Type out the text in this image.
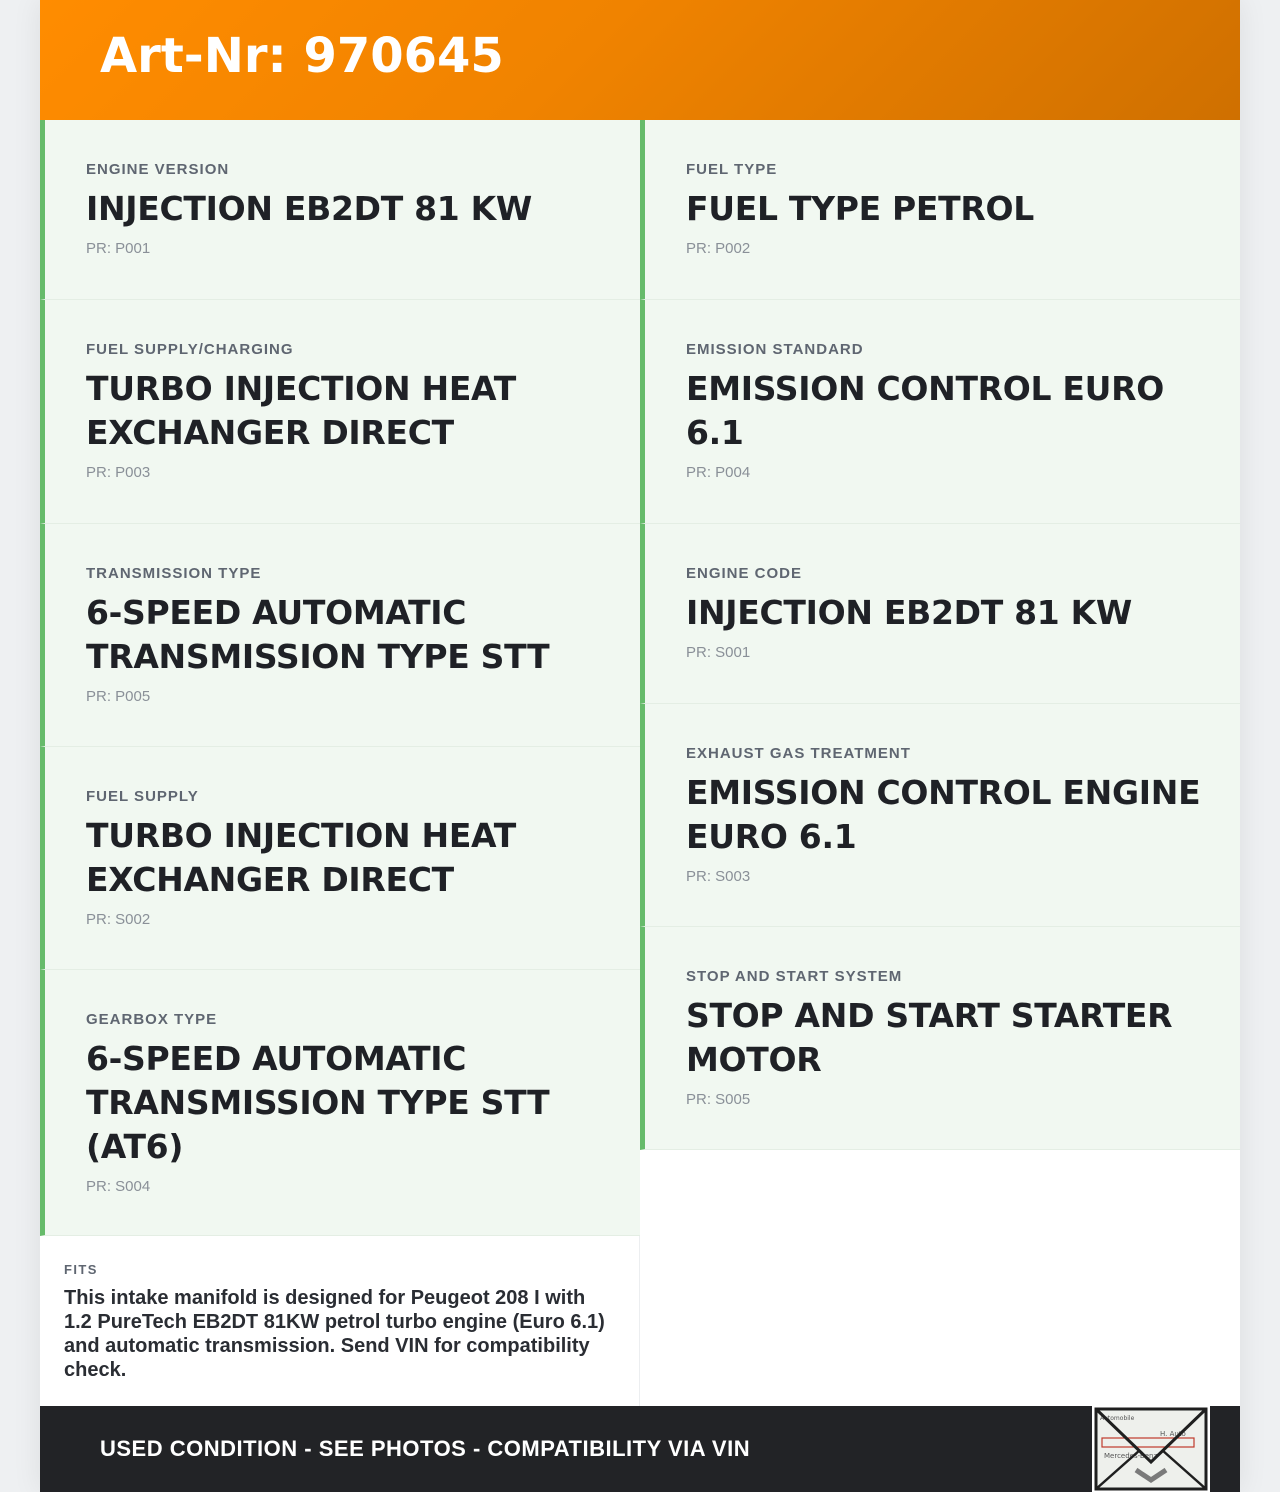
Art-Nr: 970645
ENGINE VERSION
INJECTION EB2DT 81 KW
PR: P001
FUEL SUPPLY/CHARGING
TURBO INJECTION HEAT EXCHANGER DIRECT
PR: P003
TRANSMISSION TYPE
6-SPEED AUTOMATIC TRANSMISSION TYPE STT
PR: P005
FUEL SUPPLY
TURBO INJECTION HEAT EXCHANGER DIRECT
PR: S002
GEARBOX TYPE
6-SPEED AUTOMATIC TRANSMISSION TYPE STT (AT6)
PR: S004
FUEL TYPE
FUEL TYPE PETROL
PR: P002
EMISSION STANDARD
EMISSION CONTROL EURO 6.1
PR: P004
ENGINE CODE
INJECTION EB2DT 81 KW
PR: S001
EXHAUST GAS TREATMENT
EMISSION CONTROL ENGINE EURO 6.1
PR: S003
STOP AND START SYSTEM
STOP AND START STARTER MOTOR
PR: S005
FITS
This intake manifold is designed for Peugeot 208 I with 1.2 PureTech EB2DT 81KW petrol turbo engine (Euro 6.1) and automatic transmission. Send VIN for compatibility check.
USED CONDITION - SEE PHOTOS - COMPATIBILITY VIA VIN
Automobile
H. Auto
Mercedes-Benz
